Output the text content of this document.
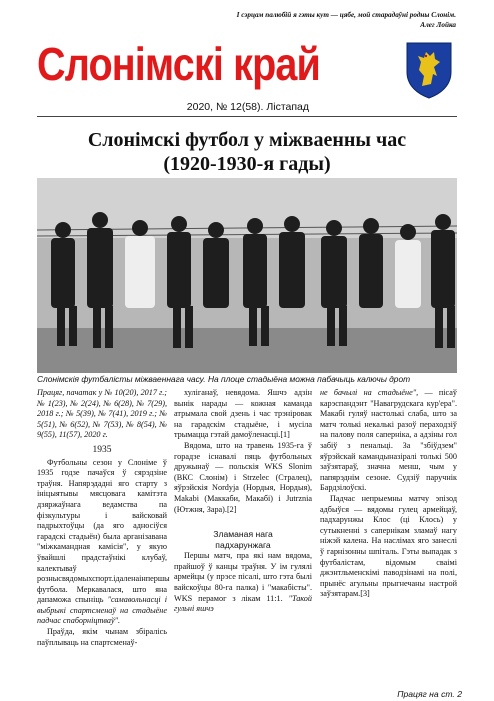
І сэрцам палюбій я гэты кут — цябе, мой старадаўні родны Слонім.
Алег Лойка
Слонімскі край
2020, № 12(58). Лістапад
Слонімскі футбол у міжваенны час
(1920-1930-я гады)
Слонімскія футбалісты міжваеннага часу. На плоце стадыёна можна пабачыць калючы дрот

Працяг, пачатак у № 10(20), 2017 г.; № 1(23), № 2(24), № 6(28), № 7(29), 2018 г.; № 5(39), № 7(41), 2019 г.; № 5(51), № 6(52), № 7(53), № 8(54), № 9(55), 11(57), 2020 г.

1935

Футбольны сезон у Слоніме ў 1935 годзе пачаўся ў сярэдзіне траўня. Напярэдадні яго старту з ініцыятывы мясцовага камітэта дзяржаўнага ведамства па фізкультуры і вайсковай падрыхтоўцы (да яго адносіўся гарадскі стадыён) была арганізавана "міжкамандная камісія", у якую ўвайшлі прадстаўнікі клубаў, калектываў рознысвядомыхспорт.ідаленаінпершы футбола. Меркавалася, што яна дапаможа спыніць "самавольнасці і выбрыкі спартсменаў на стадыёне падчас спаборніцтваў".

Праўда, якім чынам збіралісь паўплываць на спартсменаў-

хуліганаў, невядома. Яшчэ адзін вынік нарады — кожная каманда атрымала свой дзень і час трэніровак на гарадскім стадыёне, і мусіла трымацца гэтай дамоўленасці.[1]

Вядома, што на травень 1935-га ў горадзе існавалі пяць футбольных дружынаў — польскія WKS Slonim (ВКС Слонім) і Strzelec (Стралец), яўрэйскія Nordyja (Нордыя, Нордыя), Makabi (Маккаби, Макабі) і Jutrznia (Ютжня, Зара).[2]

Зламаная нага
падхарунжага

Першы матч, пра які нам вядома, прайшоў ў канцы траўня. У ім гулялі армейцы (у прэсе пісалі, што гэта былі вайскоўцы 80-га палка) і "макабісты". WKS перамог з лікам 11:1. "Такой гульні яшчэ

не бачылі на стадыёне", — пісаў карэспандэнт "Навагрудскага кур'ера". Макабі гуляў настолькі слаба, што за матч толькі некалькі разоў пераходзіў на палову поля саперніка, а адзіны гол забіў з пенальці. За "збіўдзем" яўрэйскай камандыназіралі толькі 500 заўзятараў, значна менш, чым у папярэднім сезоне. Судзіў паручнік Бардзілоўскі.

Падчас непрыемны матчу эпізод адбыўся — вядомы гулец армейцаў, падхарунжы Клос (ці Клось) у сутыкненні з сапернікам зламаў нагу ніжэй калена. На наслімах яго занеслі ў гарнізонны шпіталь. Гэты выпадак з футбалістам, відомым сваімі джэнтльменскімі паводзінамі на полі, прынёс агульны прыгнечаны настрой заўзятарам.[3]

Працяг на ст. 2
